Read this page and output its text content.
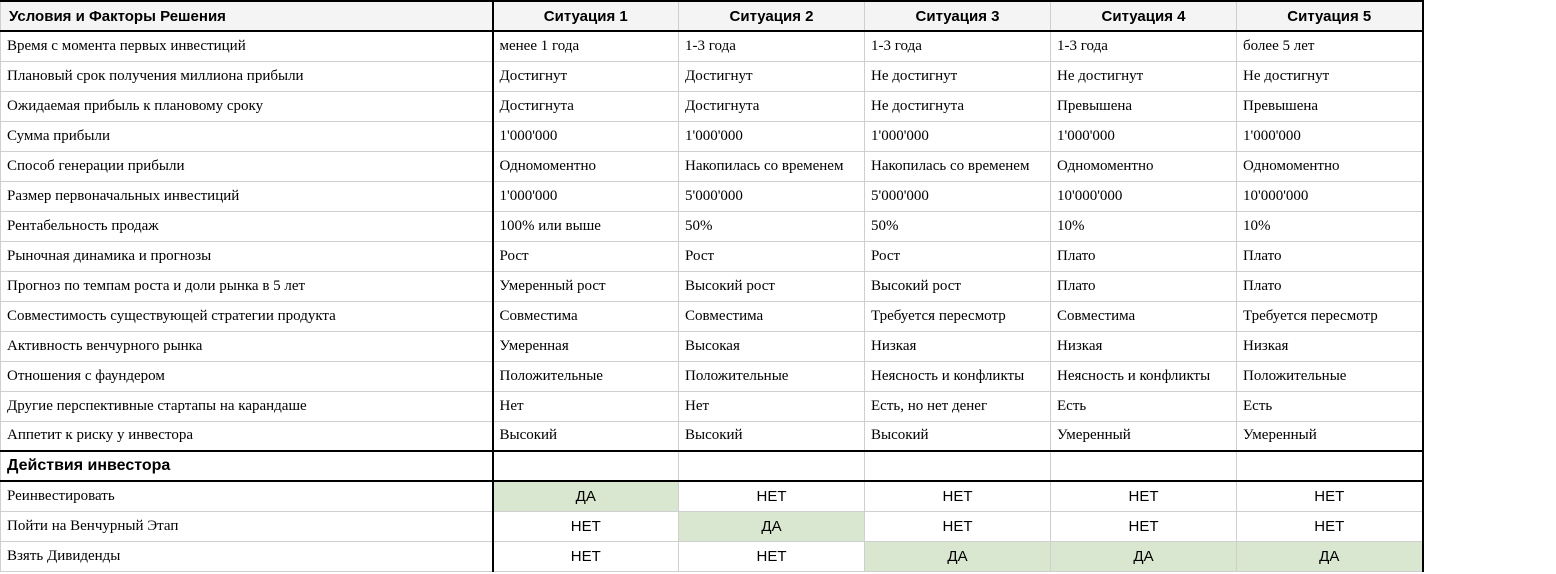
Условия и Факторы Решения	Ситуация 1	Ситуация 2	Ситуация 3	Ситуация 4	Ситуация 5	
Время с момента первых инвестиций	менее 1 года	1-3 года	1-3 года	1-3 года	более 5 лет	
Плановый срок получения миллиона прибыли	Достигнут	Достигнут	Не достигнут	Не достигнут	Не достигнут	
Ожидаемая прибыль к плановому сроку	Достигнута	Достигнута	Не достигнута	Превышена	Превышена	
Сумма прибыли	1'000'000	1'000'000	1'000'000	1'000'000	1'000'000	
Способ генерации прибыли	Одномоментно	Накопилась со временем	Накопилась со временем	Одномоментно	Одномоментно	
Размер первоначальных инвестиций	1'000'000	5'000'000	5'000'000	10'000'000	10'000'000	
Рентабельность продаж	100% или выше	50%	50%	10%	10%	
Рыночная динамика и прогнозы	Рост	Рост	Рост	Плато	Плато	
Прогноз по темпам роста и доли рынка в 5 лет	Умеренный рост	Высокий рост	Высокий рост	Плато	Плато	
Совместимость существующей стратегии продукта	Совместима	Совместима	Требуется пересмотр	Совместима	Требуется пересмотр	
Активность венчурного рынка	Умеренная	Высокая	Низкая	Низкая	Низкая	
Отношения с фаундером	Положительные	Положительные	Неясность и конфликты	Неясность и конфликты	Положительные	
Другие перспективные стартапы на карандаше	Нет	Нет	Есть, но нет денег	Есть	Есть	
Аппетит к риску у инвестора	Высокий	Высокий	Высокий	Умеренный	Умеренный	
Действия инвестора						
Реинвестировать	ДА	НЕТ	НЕТ	НЕТ	НЕТ	
Пойти на Венчурный Этап	НЕТ	ДА	НЕТ	НЕТ	НЕТ	
Взять Дивиденды	НЕТ	НЕТ	ДА	ДА	ДА	
